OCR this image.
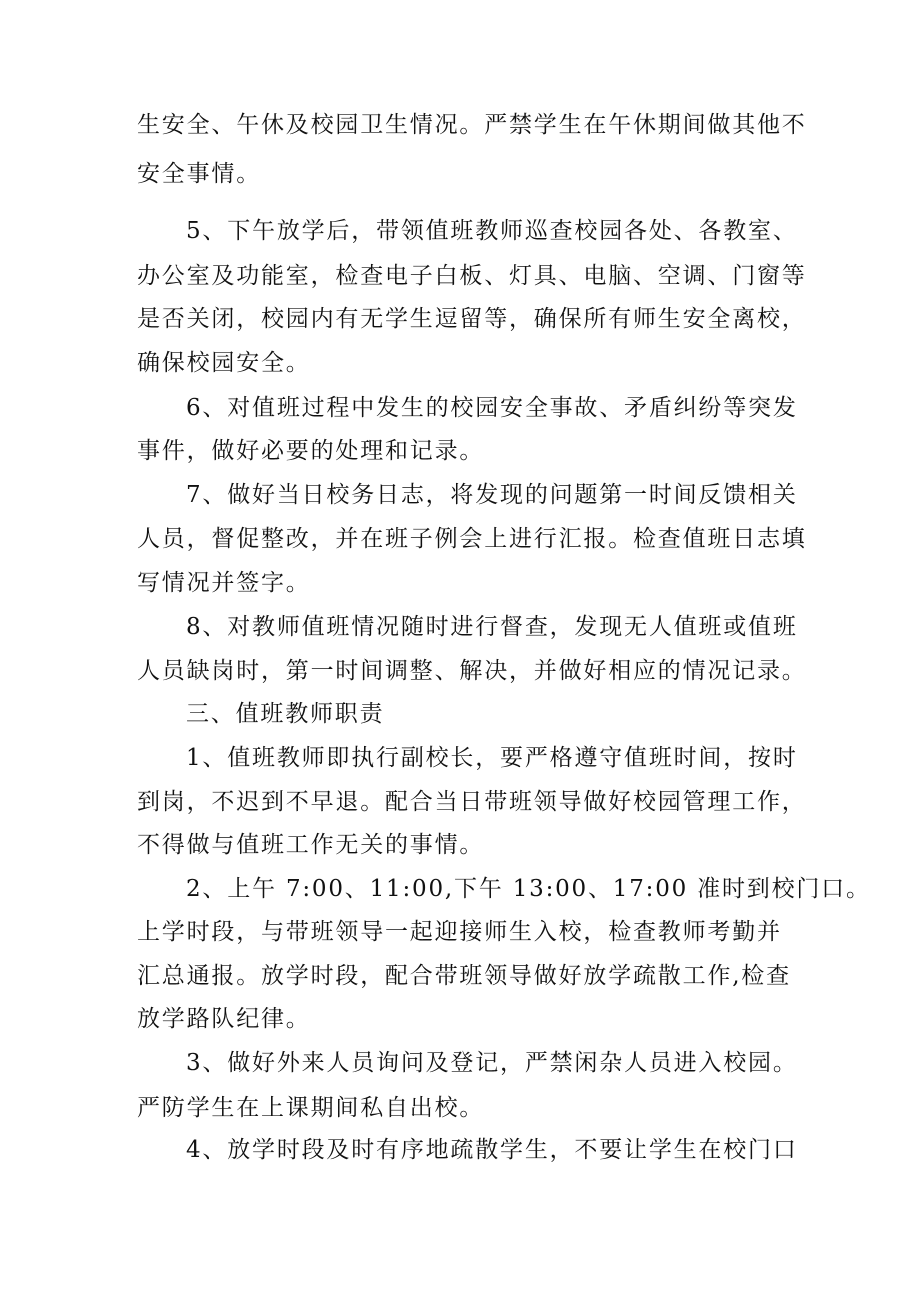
生安全、午休及校园卫生情况。严禁学生在午休期间做其他不
安全事情。
5、下午放学后，带领值班教师巡查校园各处、各教室、
办公室及功能室，检查电子白板、灯具、电脑、空调、门窗等
是否关闭，校园内有无学生逗留等，确保所有师生安全离校，
确保校园安全。
6、对值班过程中发生的校园安全事故、矛盾纠纷等突发
事件，做好必要的处理和记录。
7、做好当日校务日志，将发现的问题第一时间反馈相关
人员，督促整改，并在班子例会上进行汇报。检查值班日志填
写情况并签字。
8、对教师值班情况随时进行督查，发现无人值班或值班
人员缺岗时，第一时间调整、解决，并做好相应的情况记录。
三、值班教师职责
1、值班教师即执行副校长，要严格遵守值班时间，按时
到岗，不迟到不早退。配合当日带班领导做好校园管理工作，
不得做与值班工作无关的事情。
2、上午 7:00、11:00,下午 13:00、17:00 准时到校门口。
上学时段，与带班领导一起迎接师生入校，检查教师考勤并
汇总通报。放学时段，配合带班领导做好放学疏散工作,检查
放学路队纪律。
3、做好外来人员询问及登记，严禁闲杂人员进入校园。
严防学生在上课期间私自出校。
4、放学时段及时有序地疏散学生，不要让学生在校门口
